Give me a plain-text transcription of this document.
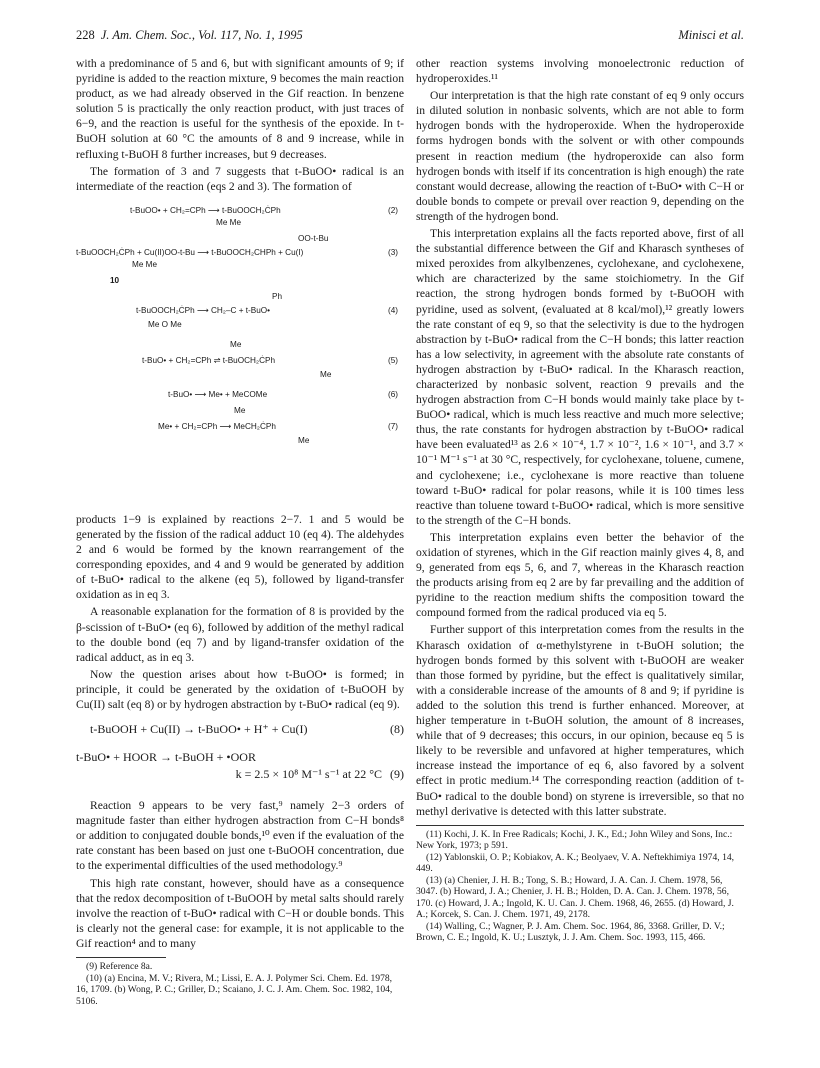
228 J. Am. Chem. Soc., Vol. 117, No. 1, 1995	Minisci et al.

with a predominance of 5 and 6, but with significant amounts of 9; if pyridine is added to the reaction mixture, 9 becomes the main reaction product, as we had already observed in the Gif reaction. In benzene solution 5 is practically the only reaction product, with just traces of 6−9, and the reaction is useful for the synthesis of the epoxide. In t-BuOH solution at 60 °C the amounts of 8 and 9 increase, while in refluxing t-BuOH 8 further increases, but 9 decreases.

The formation of 3 and 7 suggests that t-BuOO• radical is an intermediate of the reaction (eqs 2 and 3). The formation of

t-BuOO• + CH₂=CPh ⟶ t-BuOOCH₂ĊPh
Me Me
(2)
OO-t-Bu
t-BuOOCH₂ĊPh + Cu(II)OO-t-Bu ⟶ t-BuOOCH₂CHPh + Cu(I)
Me Me
(3)
10
Ph
t-BuOOCH₂ĊPh ⟶ CH₂–C + t-BuO•
Me O Me
(4)
Me
t-BuO• + CH₂=CPh ⇌ t-BuOCH₂ĊPh
Me
(5)
t-BuO• ⟶ Me• + MeCOMe	(6)
Me
Me• + CH₂=CPh ⟶ MeCH₂ĊPh
Me
(7)

products 1−9 is explained by reactions 2−7. 1 and 5 would be generated by the fission of the radical adduct 10 (eq 4). The aldehydes 2 and 6 would be formed by the known rearrangement of the corresponding epoxides, and 4 and 9 would be generated by addition of t-BuO• radical to the alkene (eq 5), followed by ligand-transfer oxidation as in eq 3.

A reasonable explanation for the formation of 8 is provided by the β-scission of t-BuO• (eq 6), followed by addition of the methyl radical to the double bond (eq 7) and by ligand-transfer oxidation of the radical adduct, as in eq 3.

Now the question arises about how t-BuOO• is formed; in principle, it could be generated by the oxidation of t-BuOOH by Cu(II) salt (eq 8) or by hydrogen abstraction by t-BuO• radical (eq 9).

t-BuOOH + Cu(II) → t-BuOO• + H⁺ + Cu(I)	(8)
t-BuO• + HOOR → t-BuOH + •OOR
k = 2.5 × 10⁸ M⁻¹ s⁻¹ at 22 °C (9)

Reaction 9 appears to be very fast,⁹ namely 2−3 orders of magnitude faster than either hydrogen abstraction from C−H bonds⁸ or addition to conjugated double bonds,¹⁰ even if the evaluation of the rate constant has been based on just one t-BuOOH concentration, due to the experimental difficulties of the used methodology.⁹

This high rate constant, however, should have as a consequence that the redox decomposition of t-BuOOH by metal salts should rarely involve the reaction of t-BuO• radical with C−H or double bonds. This is clearly not the general case: for example, it is not applicable to the Gif reaction⁴ and to many

(9) Reference 8a.

(10) (a) Encina, M. V.; Rivera, M.; Lissi, E. A. J. Polymer Sci. Chem. Ed. 1978, 16, 1709. (b) Wong, P. C.; Griller, D.; Scaiano, J. C. J. Am. Chem. Soc. 1982, 104, 5106.

other reaction systems involving monoelectronic reduction of hydroperoxides.¹¹

Our interpretation is that the high rate constant of eq 9 only occurs in diluted solution in nonbasic solvents, which are not able to form hydrogen bonds with the hydroperoxide. When the hydroperoxide forms hydrogen bonds with the solvent or with other compounds present in reaction medium (the hydroperoxide can also form hydrogen bonds with itself if its concentration is high enough) the rate constant would decrease, allowing the reaction of t-BuO• with C−H or double bonds to compete or prevail over reaction 9, depending on the strength of the hydrogen bond.

This interpretation explains all the facts reported above, first of all the substantial difference between the Gif and Kharasch syntheses of mixed peroxides from alkylbenzenes, cyclohexane, and cyclohexene, which are characterized by the same stoichiometry. In the Gif reaction, the strong hydrogen bonds formed by t-BuOOH with pyridine, used as solvent, (evaluated at 8 kcal/mol),¹² greatly lowers the rate constant of eq 9, so that the selectivity is due to the hydrogen abstraction by t-BuO• radical from the C−H bonds; this latter reaction has a low selectivity, in agreement with the absolute rate constants of hydrogen abstraction by t-BuO• radical. In the Kharasch reaction, characterized by nonbasic solvent, reaction 9 prevails and the hydrogen abstraction from C−H bonds would mainly take place by t-BuOO• radical, which is much less reactive and much more selective; thus, the rate constants for hydrogen abstraction by t-BuOO• radical have been evaluated¹³ as 2.6 × 10⁻⁴, 1.7 × 10⁻², 1.6 × 10⁻¹, and 3.7 × 10⁻¹ M⁻¹ s⁻¹ at 30 °C, respectively, for cyclohexane, toluene, cumene, and cyclohexene; i.e., cyclohexane is more reactive than toluene toward t-BuO• radical for polar reasons, while it is 100 times less reactive than toluene toward t-BuOO• radical, which is more sensitive to the strength of the C−H bonds.

This interpretation explains even better the behavior of the oxidation of styrenes, which in the Gif reaction mainly gives 4, 8, and 9, generated from eqs 5, 6, and 7, whereas in the Kharasch reaction the products arising from eq 2 are by far prevailing and the addition of pyridine to the reaction medium shifts the composition toward the compound formed from the radical produced via eq 5.

Further support of this interpretation comes from the results in the Kharasch oxidation of α-methylstyrene in t-BuOH solution; the hydrogen bonds formed by this solvent with t-BuOOH are weaker than those formed by pyridine, but the effect is qualitatively similar, with a considerable increase of the amounts of 8 and 9; if pyridine is added to the solution this trend is further enhanced. Moreover, at higher temperature in t-BuOH solution, the amount of 8 increases, while that of 9 decreases; this occurs, in our opinion, because eq 5 is likely to be reversible and unfavored at higher temperatures, which increase instead the importance of eq 6, also favored by a solvent effect in protic medium.¹⁴ The corresponding reaction (addition of t-BuO• radical to the double bond) on styrene is irreversible, so that no methyl derivative is detected with this latter substrate.

(11) Kochi, J. K. In Free Radicals; Kochi, J. K., Ed.; John Wiley and Sons, Inc.: New York, 1973; p 591.

(12) Yablonskii, O. P.; Kobiakov, A. K.; Beolyaev, V. A. Neftekhimiya 1974, 14, 449.

(13) (a) Chenier, J. H. B.; Tong, S. B.; Howard, J. A. Can. J. Chem. 1978, 56, 3047. (b) Howard, J. A.; Chenier, J. H. B.; Holden, D. A. Can. J. Chem. 1978, 56, 170. (c) Howard, J. A.; Ingold, K. U. Can. J. Chem. 1968, 46, 2655. (d) Howard, J. A.; Korcek, S. Can. J. Chem. 1971, 49, 2178.

(14) Walling, C.; Wagner, P. J. Am. Chem. Soc. 1964, 86, 3368. Griller, D. V.; Brown, C. E.; Ingold, K. U.; Lusztyk, J. J. Am. Chem. Soc. 1993, 115, 466.
